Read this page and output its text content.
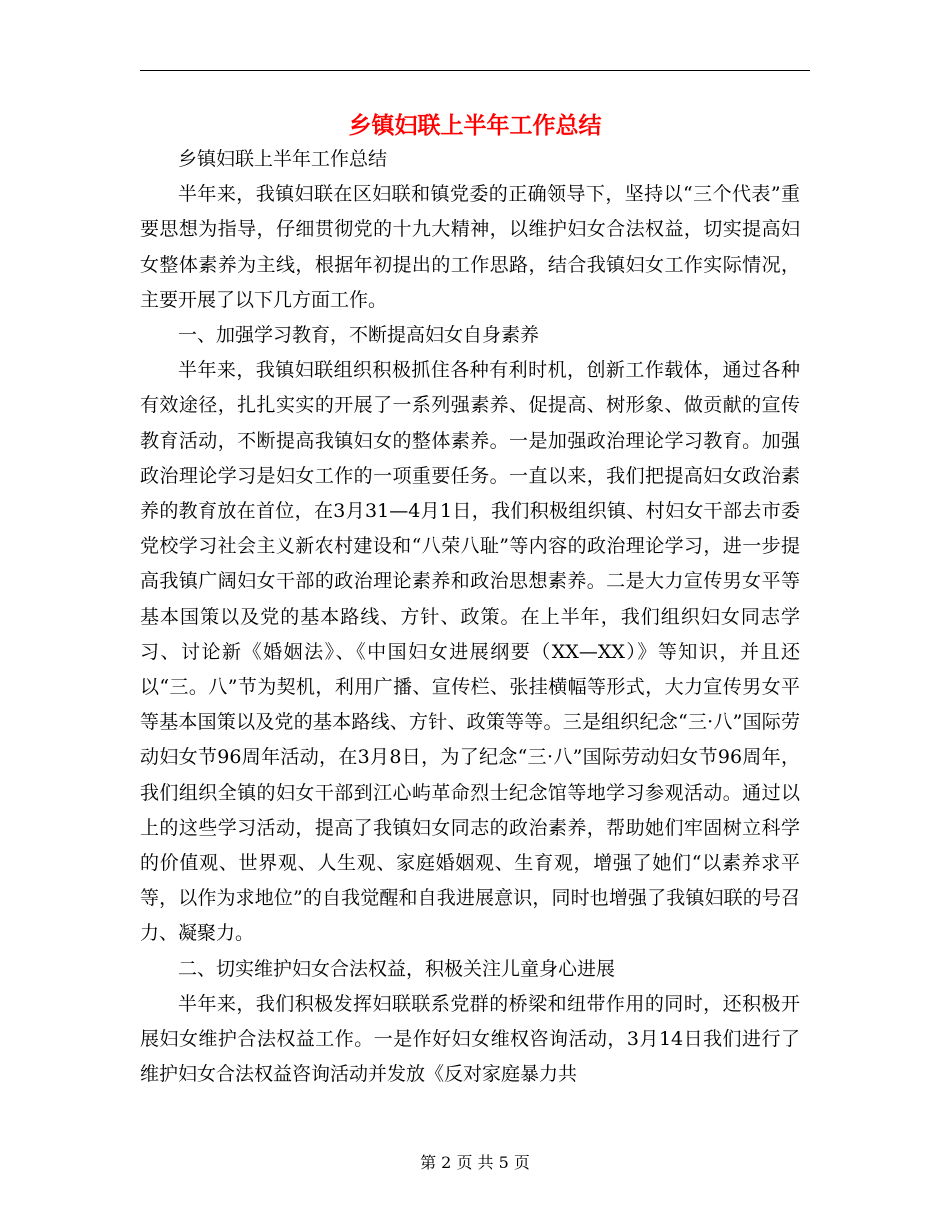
乡镇妇联上半年工作总结

乡镇妇联上半年工作总结

半年来，我镇妇联在区妇联和镇党委的正确领导下，坚持以“三个代表”重要思想为指导，仔细贯彻党的十九大精神，以维护妇女合法权益，切实提高妇女整体素养为主线，根据年初提出的工作思路，结合我镇妇女工作实际情况，主要开展了以下几方面工作。

一、加强学习教育，不断提高妇女自身素养

半年来，我镇妇联组织积极抓住各种有利时机，创新工作载体，通过各种有效途径，扎扎实实的开展了一系列强素养、促提高、树形象、做贡献的宣传教育活动，不断提高我镇妇女的整体素养。一是加强政治理论学习教育。加强政治理论学习是妇女工作的一项重要任务。一直以来，我们把提高妇女政治素养的教育放在首位，在3月31—4月1日，我们积极组织镇、村妇女干部去市委党校学习社会主义新农村建设和“八荣八耻”等内容的政治理论学习，进一步提高我镇广阔妇女干部的政治理论素养和政治思想素养。二是大力宣传男女平等基本国策以及党的基本路线、方针、政策。在上半年，我们组织妇女同志学习、讨论新《婚姻法》、《中国妇女进展纲要（XX—XX）》等知识，并且还以“三。八”节为契机，利用广播、宣传栏、张挂横幅等形式，大力宣传男女平等基本国策以及党的基本路线、方针、政策等等。三是组织纪念“三·八”国际劳动妇女节96周年活动，在3月8日，为了纪念“三·八”国际劳动妇女节96周年，我们组织全镇的妇女干部到江心屿革命烈士纪念馆等地学习参观活动。通过以上的这些学习活动，提高了我镇妇女同志的政治素养，帮助她们牢固树立科学的价值观、世界观、人生观、家庭婚姻观、生育观，增强了她们“以素养求平等，以作为求地位”的自我觉醒和自我进展意识，同时也增强了我镇妇联的号召力、凝聚力。

二、切实维护妇女合法权益，积极关注儿童身心进展

半年来，我们积极发挥妇联联系党群的桥梁和纽带作用的同时，还积极开展妇女维护合法权益工作。一是作好妇女维权咨询活动，3月14日我们进行了维护妇女合法权益咨询活动并发放《反对家庭暴力共

第 2 页 共 5 页
